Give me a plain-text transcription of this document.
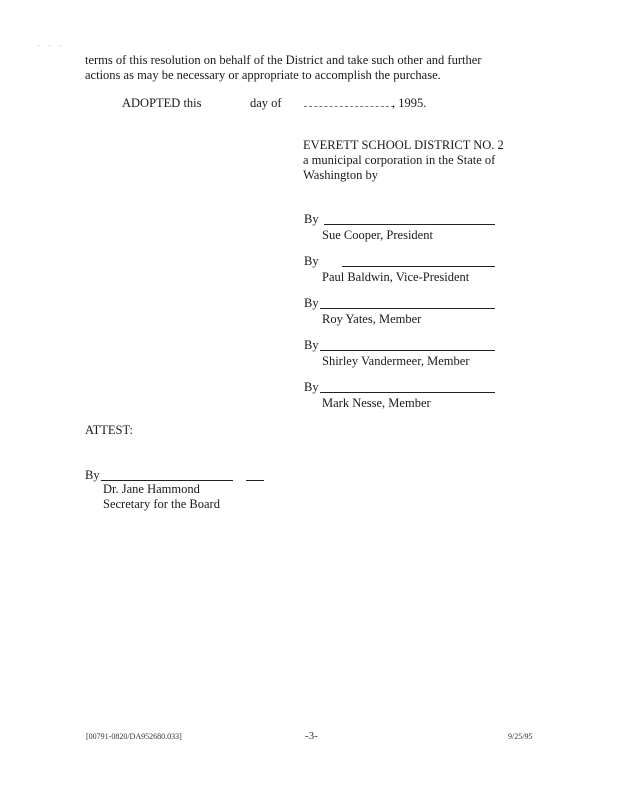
. . .
terms of this resolution on behalf of the District and take such other and further
actions as may be necessary or appropriate to accomplish the purchase.
ADOPTED this	day of	, 1995.
EVERETT SCHOOL DISTRICT NO. 2
a municipal corporation in the State of
Washington by
By
Sue Cooper, President
By
Paul Baldwin, Vice-President
By
Roy Yates, Member
By
Shirley Vandermeer, Member
By
Mark Nesse, Member
ATTEST:
By
Dr. Jane Hammond
Secretary for the Board
[00791-0820/DA952680.033]	-3-	9/25/95
